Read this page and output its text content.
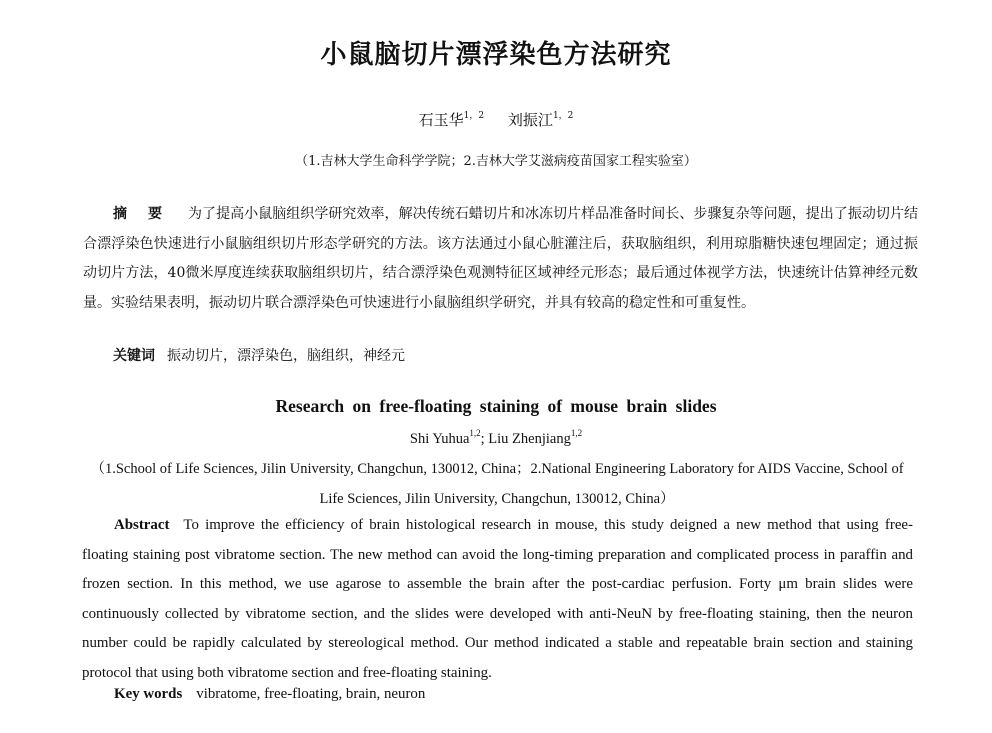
小鼠脑切片漂浮染色方法研究
石玉华$^{1,2}$ 刘振江$^{1,2}$
（1.吉林大学生命科学学院；2.吉林大学艾滋病疫苗国家工程实验室）
摘 要 为了提高小鼠脑组织学研究效率，解决传统石蜡切片和冰冻切片样品准备时间长、步骤复杂等问题，提出了振动切片结合漂浮染色快速进行小鼠脑组织切片形态学研究的方法。该方法通过小鼠心脏灌注后，获取脑组织，利用琼脂糖快速包埋固定；通过振动切片方法，40微米厚度连续获取脑组织切片，结合漂浮染色观测特征区域神经元形态；最后通过体视学方法，快速统计估算神经元数量。实验结果表明，振动切片联合漂浮染色可快速进行小鼠脑组织学研究，并具有较高的稳定性和可重复性。
关键词 振动切片，漂浮染色，脑组织，神经元
Research on free-floating staining of mouse brain slides
Shi Yuhua$^{1,2}$; Liu Zhenjiang$^{1,2}$
（1.School of Life Sciences, Jilin University, Changchun, 130012, China；2.National Engineering Laboratory for AIDS Vaccine, School of Life Sciences, Jilin University, Changchun, 130012, China）
Abstract To improve the efficiency of brain histological research in mouse, this study deigned a new method that using free-floating staining post vibratome section. The new method can avoid the long-timing preparation and complicated process in paraffin and frozen section. In this method, we use agarose to assemble the brain after the post-cardiac perfusion. Forty μm brain slides were continuously collected by vibratome section, and the slides were developed with anti-NeuN by free-floating staining, then the neuron number could be rapidly calculated by stereological method. Our method indicated a stable and repeatable brain section and staining protocol that using both vibratome section and free-floating staining.
Key words vibratome, free-floating, brain, neuron
